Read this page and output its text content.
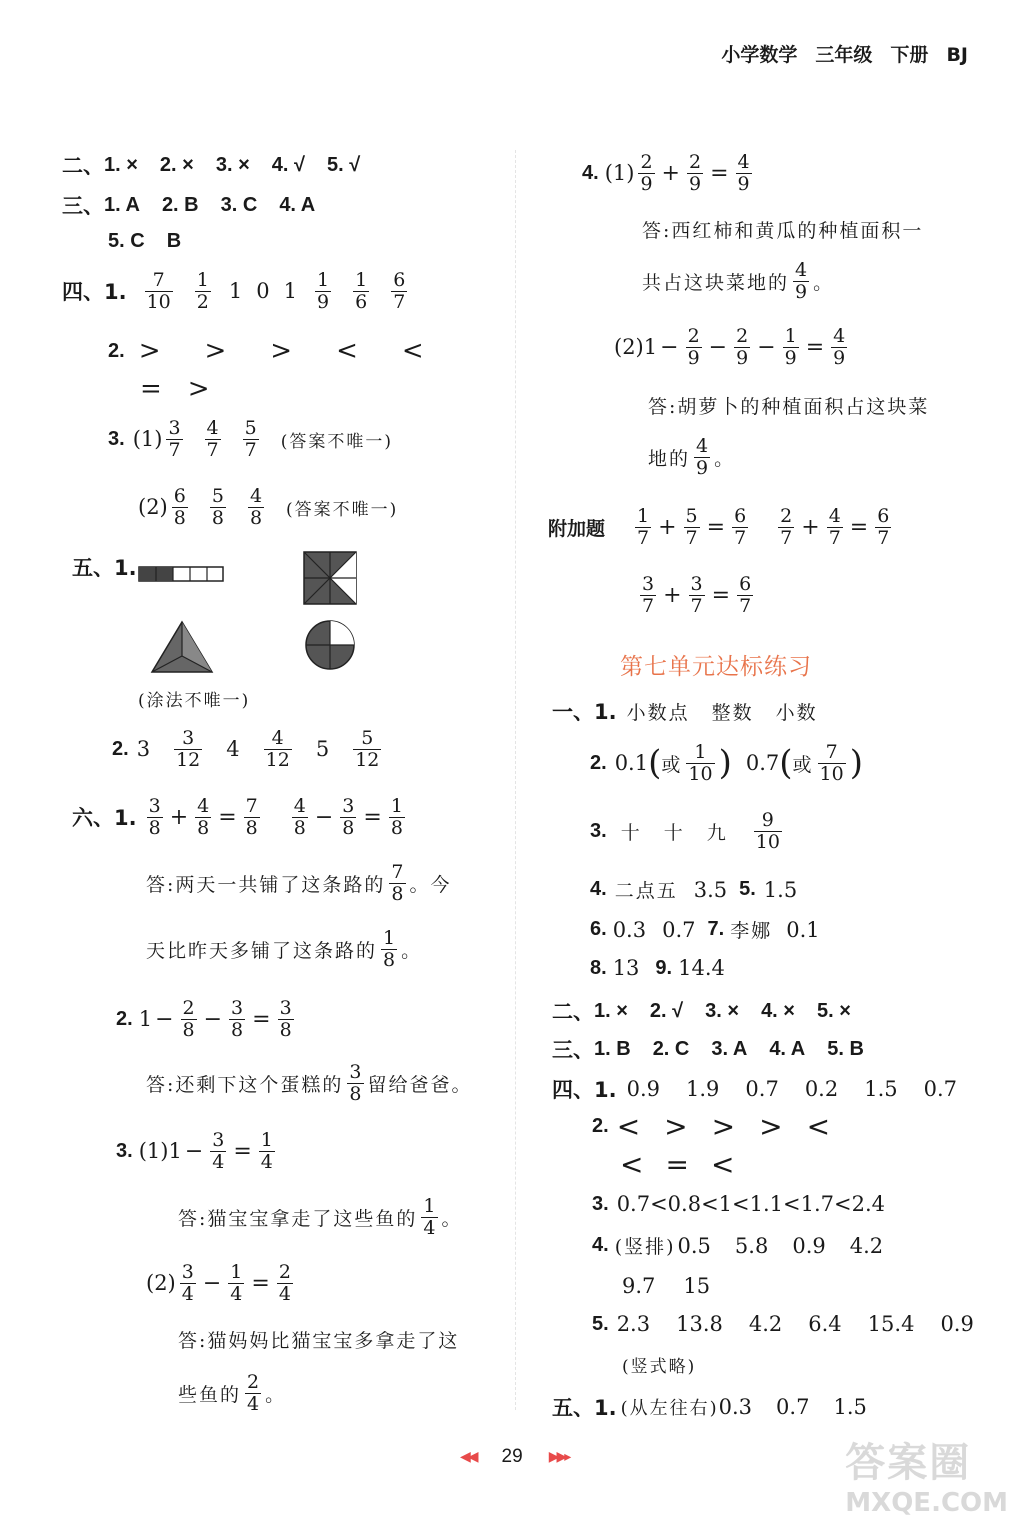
小学数学 三年级 下册 BJ
二、 1. × 2. × 3. × 4. √ 5. √
三、 1. A 2. B 3. C 4. A
5. C B
四、1. $\frac{7}{10} \frac{1}{2} 1$ 0 $1 \frac{1}{9} \frac{1}{6} \frac{6}{7}$
2. > > > < <
= >
3. $(1) \frac{3}{7} \frac{4}{7} \frac{5}{7}$ (答案不唯一)
$(2) \frac{6}{8} \frac{5}{8} \frac{4}{8}$ (答案不唯一)
五、1.
(涂法不唯一)
2. $3 \frac{3}{12} 4 \frac{4}{12} 5 \frac{5}{12}$
六、1. $\frac{3}{8} + \frac{4}{8} = \frac{7}{8} \frac{4}{8} - \frac{3}{8} = \frac{1}{8}$
答:两天一共铺了这条路的 $\frac{7}{8}$ 。今
天比昨天多铺了这条路的 $\frac{1}{8}$ 。
2. $1 - \frac{2}{8} - \frac{3}{8} = \frac{3}{8}$
答:还剩下这个蛋糕的 $\frac{3}{8}$ 留给爸爸。
3. (1) $1 - \frac{3}{4} = \frac{1}{4}$
答:猫宝宝拿走了这些鱼的 $\frac{1}{4}$ 。
$(2) \frac{3}{4} - \frac{1}{4} = \frac{2}{4}$
答:猫妈妈比猫宝宝多拿走了这
些鱼的 $\frac{2}{4}$ 。
4. $(1) \frac{2}{9} + \frac{2}{9} = \frac{4}{9}$
答:西红柿和黄瓜的种植面积一
共占这块菜地的 $\frac{4}{9}$ 。
(2) $1 - \frac{2}{9} - \frac{2}{9} - \frac{1}{9} = \frac{4}{9}$
答:胡萝卜的种植面积占这块菜
地的 $\frac{4}{9}$ 。
附加题 $\frac{1}{7} + \frac{5}{7} = \frac{6}{7} \frac{2}{7} + \frac{4}{7} = \frac{6}{7}$
$\frac{3}{7} + \frac{3}{7} = \frac{6}{7}$
第七单元达标练习
一、1. 小数点 整数 小数
2. 0.1 ( 或 $\frac{1}{10}$ ) 0.7 ( 或 $\frac{7}{10}$ )
3. 十 十 九 $\frac{9}{10}$
4. 二点五 3.5 5. 1.5
6. 0.3 0.7 7. 李娜 0.1
8. 13 9. 14.4
二、 1. × 2. √ 3. × 4. × 5. ×
三、 1. B 2. C 3. A 4. A 5. B
四、1. 0.9 1.9 0.7 0.2 1.5 0.7
2. < > > > <
< = <
3. 0.7<0.8<1<1.1<1.7<2.4
4. (竖排) 0.5 5.8 0.9 4.2
9.7 15
5. 2.3 13.8 4.2 6.4 15.4 0.9
(竖式略)
五、1. (从左往右) 0.3 0.7 1.5
◀◀ 29 ▶▶▸	答案圈
MXQE.COM
